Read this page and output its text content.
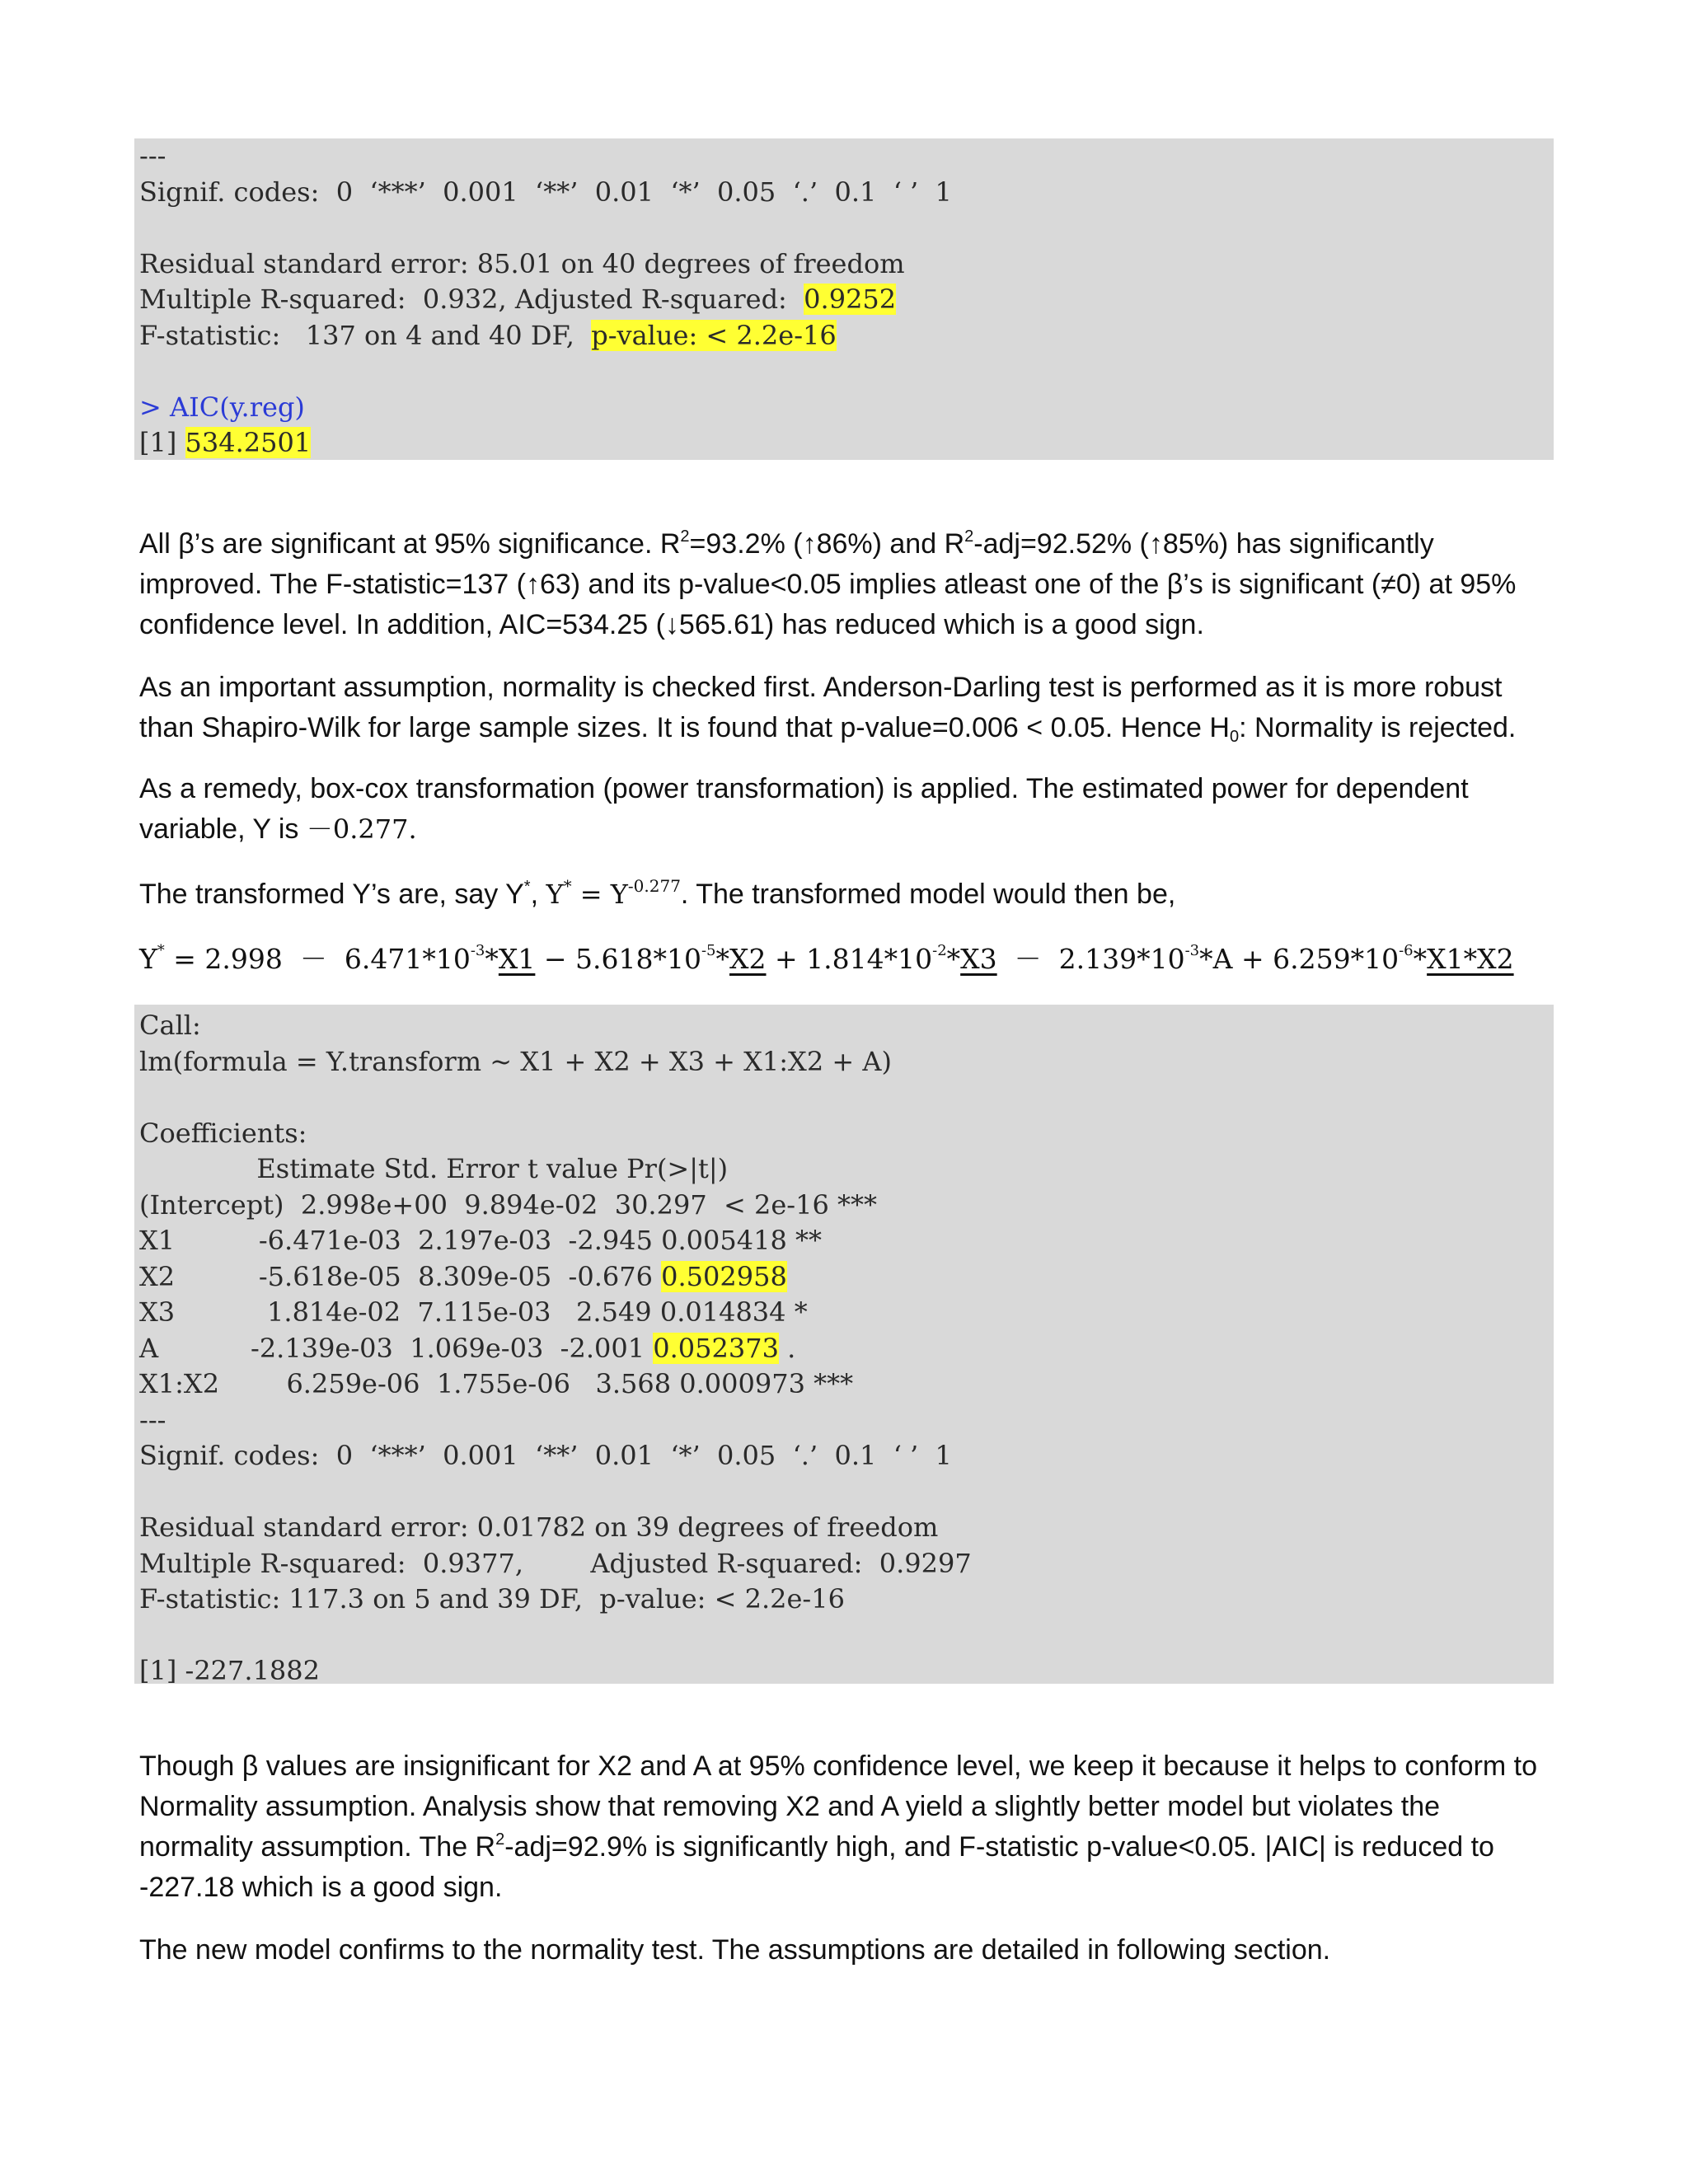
---
Signif. codes:  0  ‘***’  0.001  ‘**’  0.01  ‘*’  0.05  ‘.’  0.1  ‘ ’  1
Residual standard error: 85.01 on 40 degrees of freedom
Multiple R-squared:  0.932, Adjusted R-squared:  0.9252
F-statistic:   137 on 4 and 40 DF,  p-value: < 2.2e-16
> AIC(y.reg)
[1] 534.2501
All β’s are significant at 95% significance. $R^2=93.2\%$ (↑86%) and $R^2-adj=92.52\%$ (↑85%) has significantly improved. The F-statistic=137 (↑63) and its p-value<0.05 implies atleast one of the β’s is significant (≠0) at 95% confidence level. In addition, AIC=534.25 (↓565.61) has reduced which is a good sign.
As an important assumption, normality is checked first. Anderson-Darling test is performed as it is more robust than Shapiro-Wilk for large sample sizes. It is found that p-value=0.006 < 0.05. Hence $H_0$: Normality is rejected.
As a remedy, box-cox transformation (power transformation) is applied. The estimated power for dependent variable, Y is －0.277.
The transformed Y’s are, say Y*, $Y^* = Y^{-0.277}$. The transformed model would then be,
$Y^* = 2.998 - 6.471*10^{-3}*X1 - 5.618*10^{-5}*X2 + 1.814*10^{-2}*X3 - 2.139*10^{-3}*A + 6.259*10^{-6}*X1*X2$
Call:
lm(formula = Y.transform ~ X1 + X2 + X3 + X1:X2 + A)
Coefficients:
Estimate Std. Error t value Pr(>|t|)
(Intercept)  2.998e+00  9.894e-02  30.297  < 2e-16 ***
X1          -6.471e-03  2.197e-03  -2.945 0.005418 **
X2          -5.618e-05  8.309e-05  -0.676 0.502958
X3           1.814e-02  7.115e-03   2.549 0.014834 *
A           -2.139e-03  1.069e-03  -2.001 0.052373 .
X1:X2        6.259e-06  1.755e-06   3.568 0.000973 ***
---
Signif. codes:  0  ‘***’  0.001  ‘**’  0.01  ‘*’  0.05  ‘.’  0.1  ‘ ’  1
Residual standard error: 0.01782 on 39 degrees of freedom
Multiple R-squared:  0.9377,        Adjusted R-squared:  0.9297
F-statistic: 117.3 on 5 and 39 DF,  p-value: < 2.2e-16
[1] -227.1882
Though β values are insignificant for X2 and A at 95% confidence level, we keep it because it helps to conform to Normality assumption. Analysis show that removing X2 and A yield a slightly better model but violates the normality assumption. The $R^2-adj=92.9\%$ is significantly high, and F-statistic p-value<0.05. |AIC| is reduced to -227.18 which is a good sign.
The new model confirms to the normality test. The assumptions are detailed in following section.
